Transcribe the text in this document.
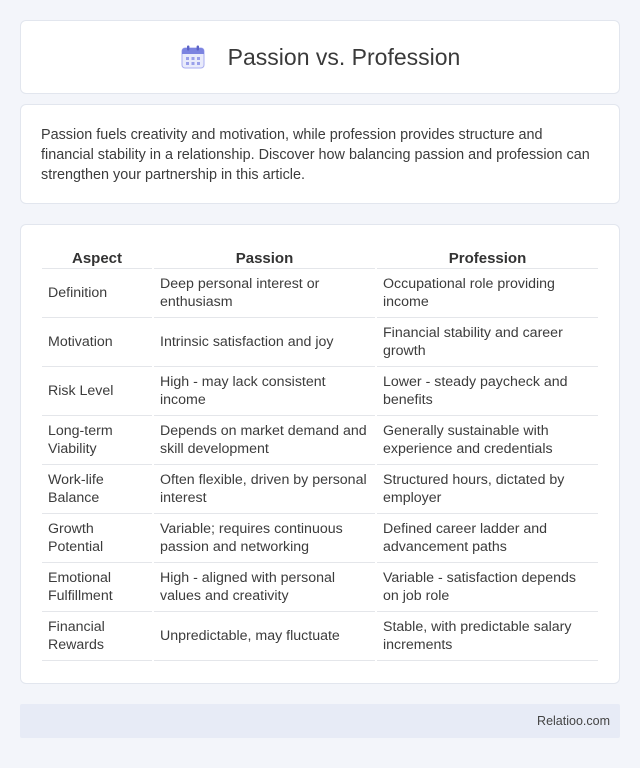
Passion vs. Profession

Passion fuels creativity and motivation, while profession provides structure and financial stability in a relationship. Discover how balancing passion and profession can strengthen your partnership in this article.

Aspect	Passion	Profession
Definition	Deep personal interest or enthusiasm	Occupational role providing income
Motivation	Intrinsic satisfaction and joy	Financial stability and career growth
Risk Level	High - may lack consistent income	Lower - steady paycheck and benefits
Long-term Viability	Depends on market demand and skill development	Generally sustainable with experience and credentials
Work-life Balance	Often flexible, driven by personal interest	Structured hours, dictated by employer
Growth Potential	Variable; requires continuous passion and networking	Defined career ladder and advancement paths
Emotional Fulfillment	High - aligned with personal values and creativity	Variable - satisfaction depends on job role
Financial Rewards	Unpredictable, may fluctuate	Stable, with predictable salary increments
Relatioo.com
